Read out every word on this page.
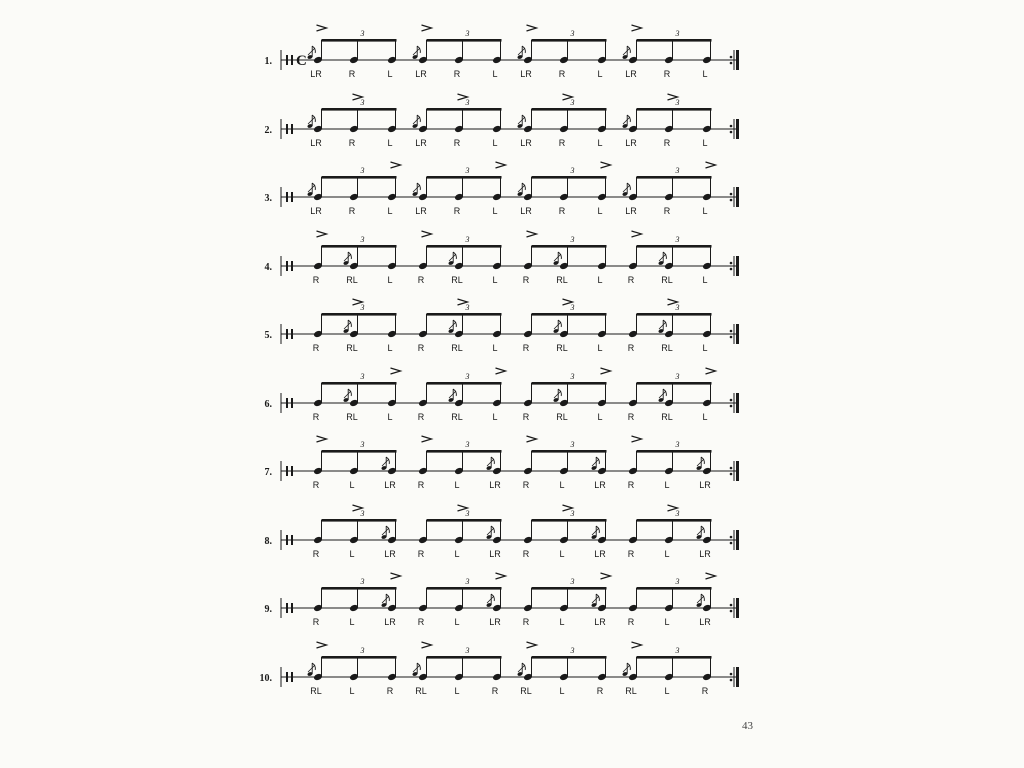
1. C
LR	R	L
3
LR	R	L
3
LR	R	L
3
LR	R	L
3
2.
LR	R	L
3
LR	R	L
3
LR	R	L
3
LR	R	L
3
3.
LR	R	L
3
LR	R	L
3
LR	R	L
3
LR	R	L
3
4.
R	RL	L
3
R	RL	L
3
R	RL	L
3
R	RL	L
3
5.
R	RL	L
3
R	RL	L
3
R	RL	L
3
R	RL	L
3
6.
R	RL	L
3
R	RL	L
3
R	RL	L
3
R	RL	L
3
7.
R	L	LR
3
R	L	LR
3
R	L	LR
3
R	L	LR
3
8.
R	L	LR
3
R	L	LR
3
R	L	LR
3
R	L	LR
3
9.
R	L	LR
3
R	L	LR
3
R	L	LR
3
R	L	LR
3
10.
RL	L	R
3
RL	L	R
3
RL	L	R
3
RL	L	R
3
43
